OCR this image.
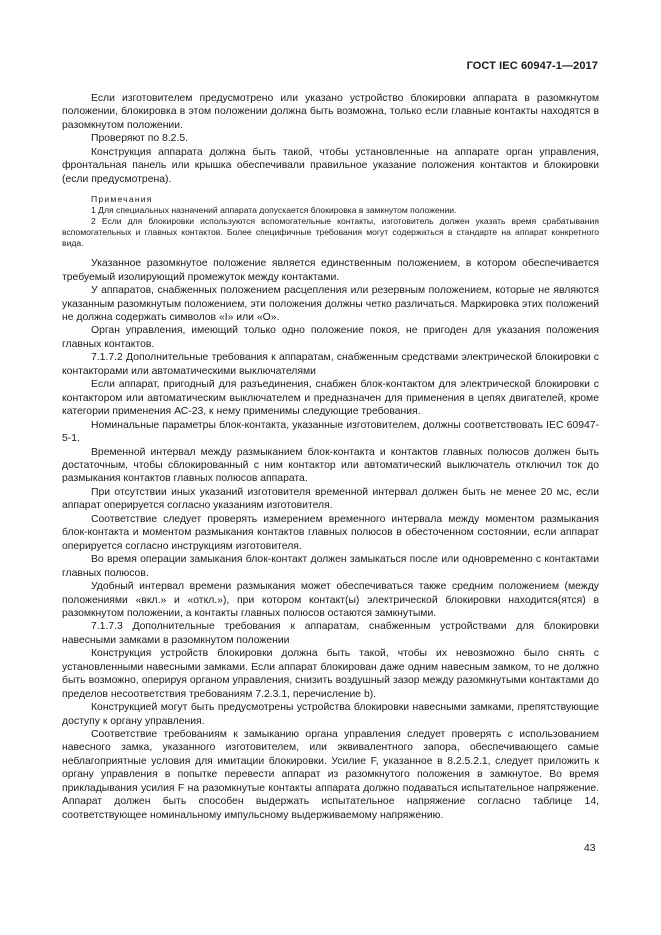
ГОСТ IEC 60947-1—2017

Если изготовителем предусмотрено или указано устройство блокировки аппарата в разомкнутом положении, блокировка в этом положении должна быть возможна, только если главные контакты находятся в разомкнутом положении.

Проверяют по 8.2.5.

Конструкция аппарата должна быть такой, чтобы установленные на аппарате орган управления, фронтальная панель или крышка обеспечивали правильное указание положения контактов и блокировки (если предусмотрена).

Примечания

1 Для специальных назначений аппарата допускается блокировка в замкнутом положении.

2 Если для блокировки используются вспомогательные контакты, изготовитель должен указать время срабатывания вспомогательных и главных контактов. Более специфичные требования могут содержаться в стандарте на аппарат конкретного вида.

Указанное разомкнутое положение является единственным положением, в котором обеспечивается требуемый изолирующий промежуток между контактами.

У аппаратов, снабженных положением расцепления или резервным положением, которые не являются указанным разомкнутым положением, эти положения должны четко различаться. Маркировка этих положений не должна содержать символов «I» или «O».

Орган управления, имеющий только одно положение покоя, не пригоден для указания положения главных контактов.

7.1.7.2 Дополнительные требования к аппаратам, снабженным средствами электрической блокировки с контакторами или автоматическими выключателями

Если аппарат, пригодный для разъединения, снабжен блок-контактом для электрической блокировки с контактором или автоматическим выключателем и предназначен для применения в цепях двигателей, кроме категории применения АС-23, к нему применимы следующие требования.

Номинальные параметры блок-контакта, указанные изготовителем, должны соответствовать IEC 60947-5-1.

Временной интервал между размыканием блок-контакта и контактов главных полюсов должен быть достаточным, чтобы сблокированный с ним контактор или автоматический выключатель отключил ток до размыкания контактов главных полюсов аппарата.

При отсутствии иных указаний изготовителя временной интервал должен быть не менее 20 мс, если аппарат оперируется согласно указаниям изготовителя.

Соответствие следует проверять измерением временного интервала между моментом размыкания блок-контакта и моментом размыкания контактов главных полюсов в обесточенном состоянии, если аппарат оперируется согласно инструкциям изготовителя.

Во время операции замыкания блок-контакт должен замыкаться после или одновременно с контактами главных полюсов.

Удобный интервал времени размыкания может обеспечиваться также средним положением (между положениями «вкл.» и «откл.»), при котором контакт(ы) электрической блокировки находится(ятся) в разомкнутом положении, а контакты главных полюсов остаются замкнутыми.

7.1.7.3 Дополнительные требования к аппаратам, снабженным устройствами для блокировки навесными замками в разомкнутом положении

Конструкция устройств блокировки должна быть такой, чтобы их невозможно было снять с установленными навесными замками. Если аппарат блокирован даже одним навесным замком, то не должно быть возможно, оперируя органом управления, снизить воздушный зазор между разомкнутыми контактами до пределов несоответствия требованиям 7.2.3.1, перечисление b).

Конструкцией могут быть предусмотрены устройства блокировки навесными замками, препятствующие доступу к органу управления.

Соответствие требованиям к замыканию органа управления следует проверять с использованием навесного замка, указанного изготовителем, или эквивалентного запора, обеспечивающего самые неблагоприятные условия для имитации блокировки. Усилие F, указанное в 8.2.5.2.1, следует приложить к органу управления в попытке перевести аппарат из разомкнутого положения в замкнутое. Во время прикладывания усилия F на разомкнутые контакты аппарата должно подаваться испытательное напряжение. Аппарат должен быть способен выдержать испытательное напряжение согласно таблице 14, соответствующее номинальному импульсному выдерживаемому напряжению.

43
